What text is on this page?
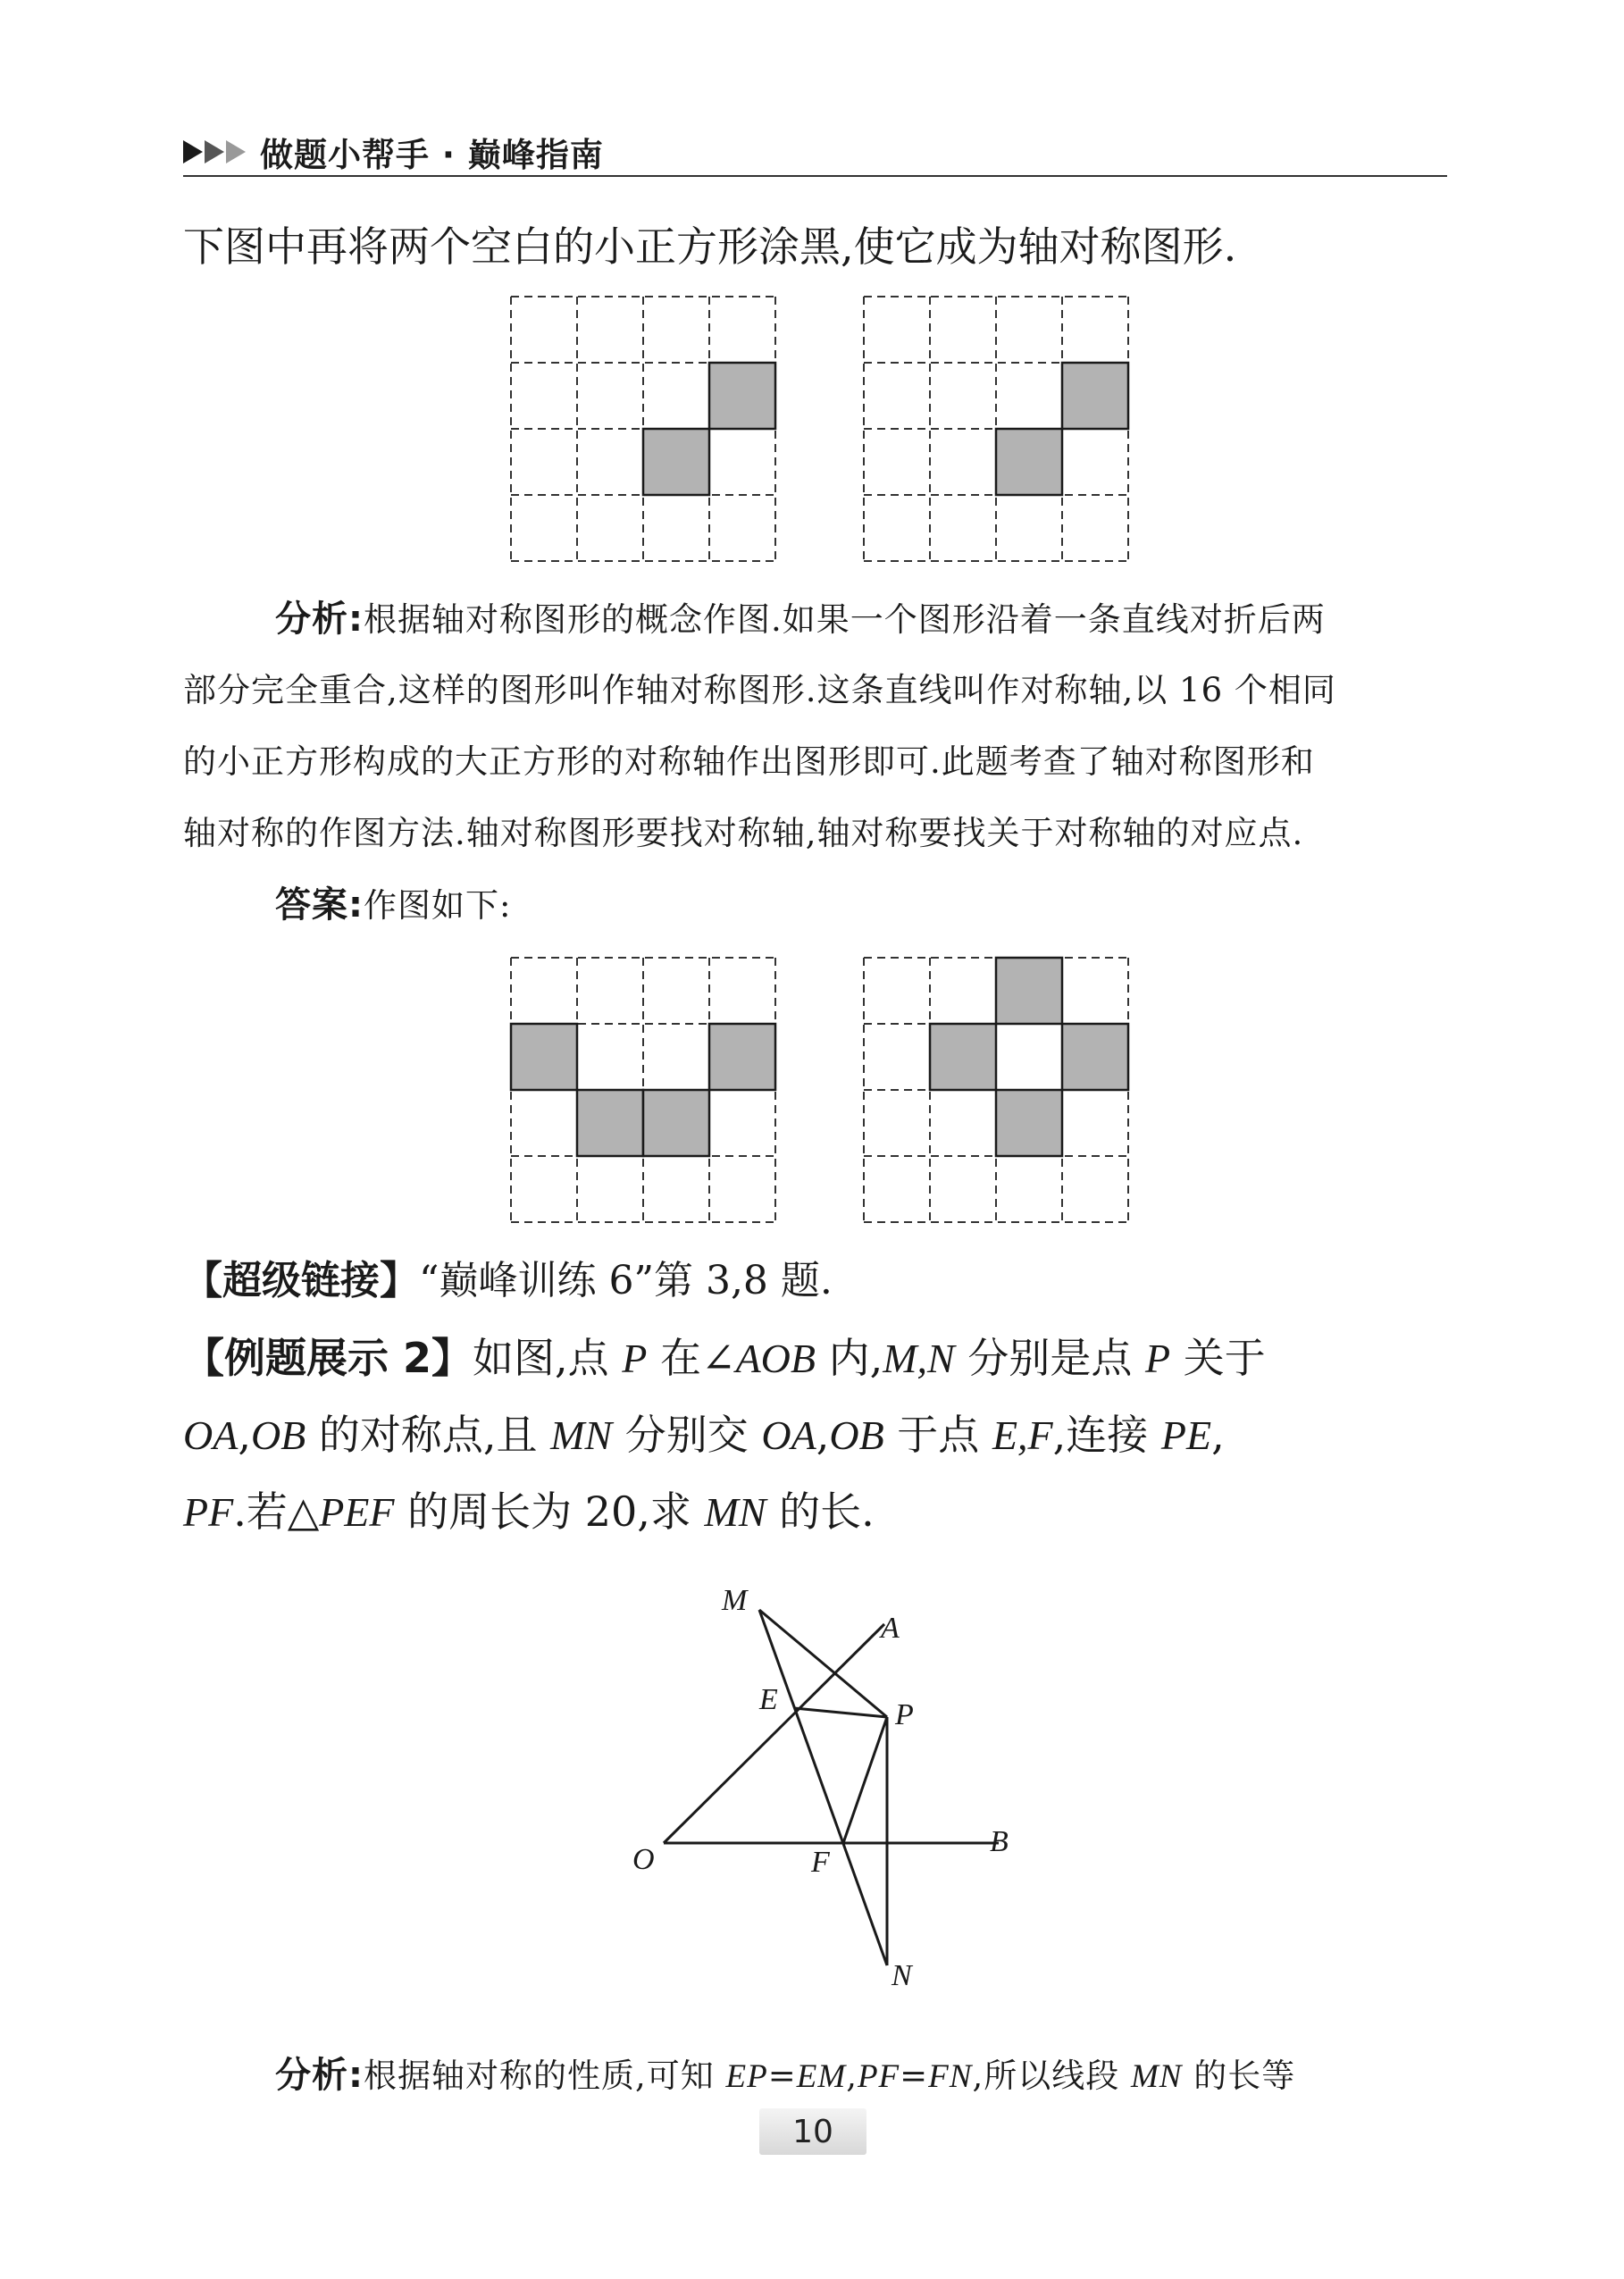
做题小帮手 · 巅峰指南
下图中再将两个空白的小正方形涂黑,使它成为轴对称图形.
分析:根据轴对称图形的概念作图.如果一个图形沿着一条直线对折后两
部分完全重合,这样的图形叫作轴对称图形.这条直线叫作对称轴,以 16 个相同
的小正方形构成的大正方形的对称轴作出图形即可.此题考查了轴对称图形和
轴对称的作图方法.轴对称图形要找对称轴,轴对称要找关于对称轴的对应点.
答案:作图如下:
【超级链接】“巅峰训练 6”第 3,8 题.
【例题展示 2】如图,点 P 在∠AOB 内,M,N 分别是点 P 关于
OA,OB 的对称点,且 MN 分别交 OA,OB 于点 E,F,连接 PE,
PF.若△PEF 的周长为 20,求 MN 的长.
M
A
E	P
O	F
B
N
分析:根据轴对称的性质,可知 EP=EM,PF=FN,所以线段 MN 的长等
10
